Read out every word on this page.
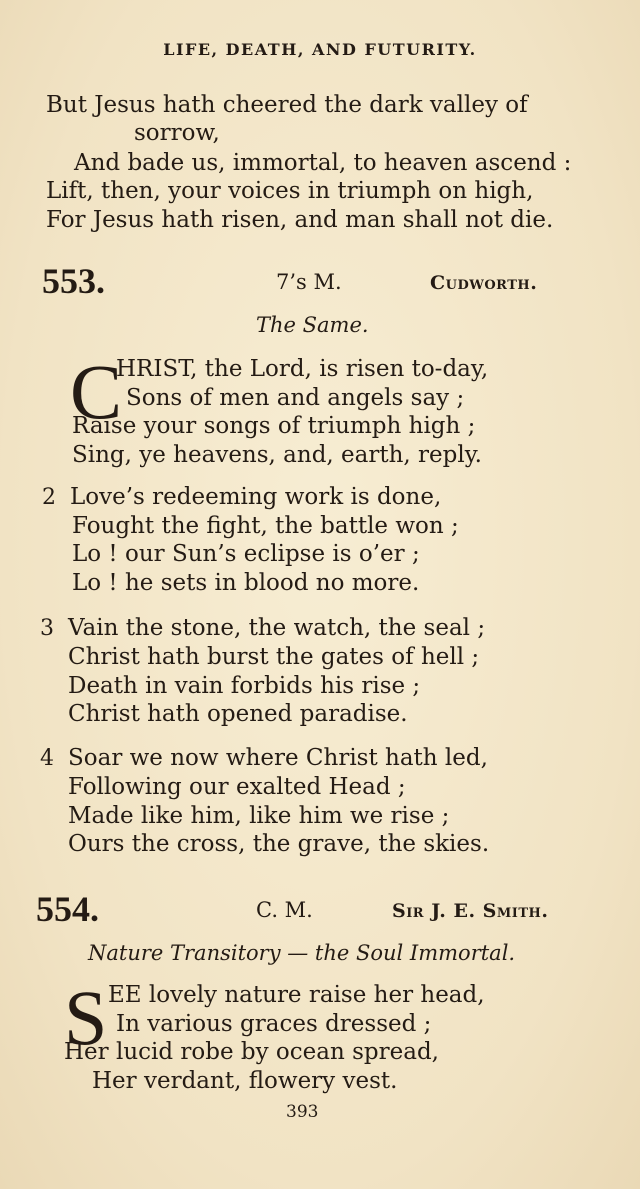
LIFE, DEATH, AND FUTURITY.
But Jesus hath cheered the dark valley of
sorrow,
And bade us, immortal, to heaven ascend :
Lift, then, your voices in triumph on high,
For Jesus hath risen, and man shall not die.
553.	7’s M.	Cudworth.
The Same.
C
HRIST, the Lord, is risen to-day,
Sons of men and angels say ;
Raise your songs of triumph high ;
Sing, ye heavens, and, earth, reply.
2 Love’s redeeming work is done,
Fought the fight, the battle won ;
Lo ! our Sun’s eclipse is o’er ;
Lo ! he sets in blood no more.
3 Vain the stone, the watch, the seal ;
Christ hath burst the gates of hell ;
Death in vain forbids his rise ;
Christ hath opened paradise.
4 Soar we now where Christ hath led,
Following our exalted Head ;
Made like him, like him we rise ;
Ours the cross, the grave, the skies.
554.	C. M.	Sir J. E. Smith.
Nature Transitory — the Soul Immortal.
S EE lovely nature raise her head,
In various graces dressed ;
Her lucid robe by ocean spread,
Her verdant, flowery vest.
393
